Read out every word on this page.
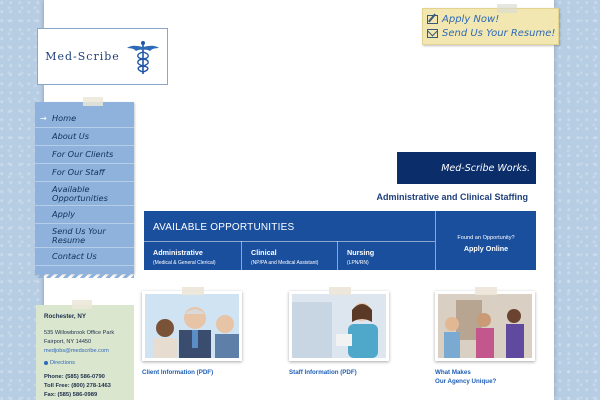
Apply Now!
Send Us Your Resume!
Med-Scribe
→ Home
About Us
For Our Clients
For Our Staff
Available Opportunities
Apply
Send Us Your Resume
Contact Us
Rochester, NY
535 Willowbrook Office Park
Fairport, NY 14450
medjobs@medscribe.com
Directions
Phone: (585) 586-0790
Toll Free: (800) 278-1463
Fax: (585) 586-0989
Med-Scribe Works.
Administrative and Clinical Staffing
AVAILABLE OPPORTUNITIES
Administrative
(Medical & General Clerical)
Clinical
(NP/PA and Medical Assistant)
Nursing
(LPN/RN)
Found an Opportunity?
Apply Online
Client Information (PDF)	Staff Information (PDF)	What Makes
Our Agency Unique?
